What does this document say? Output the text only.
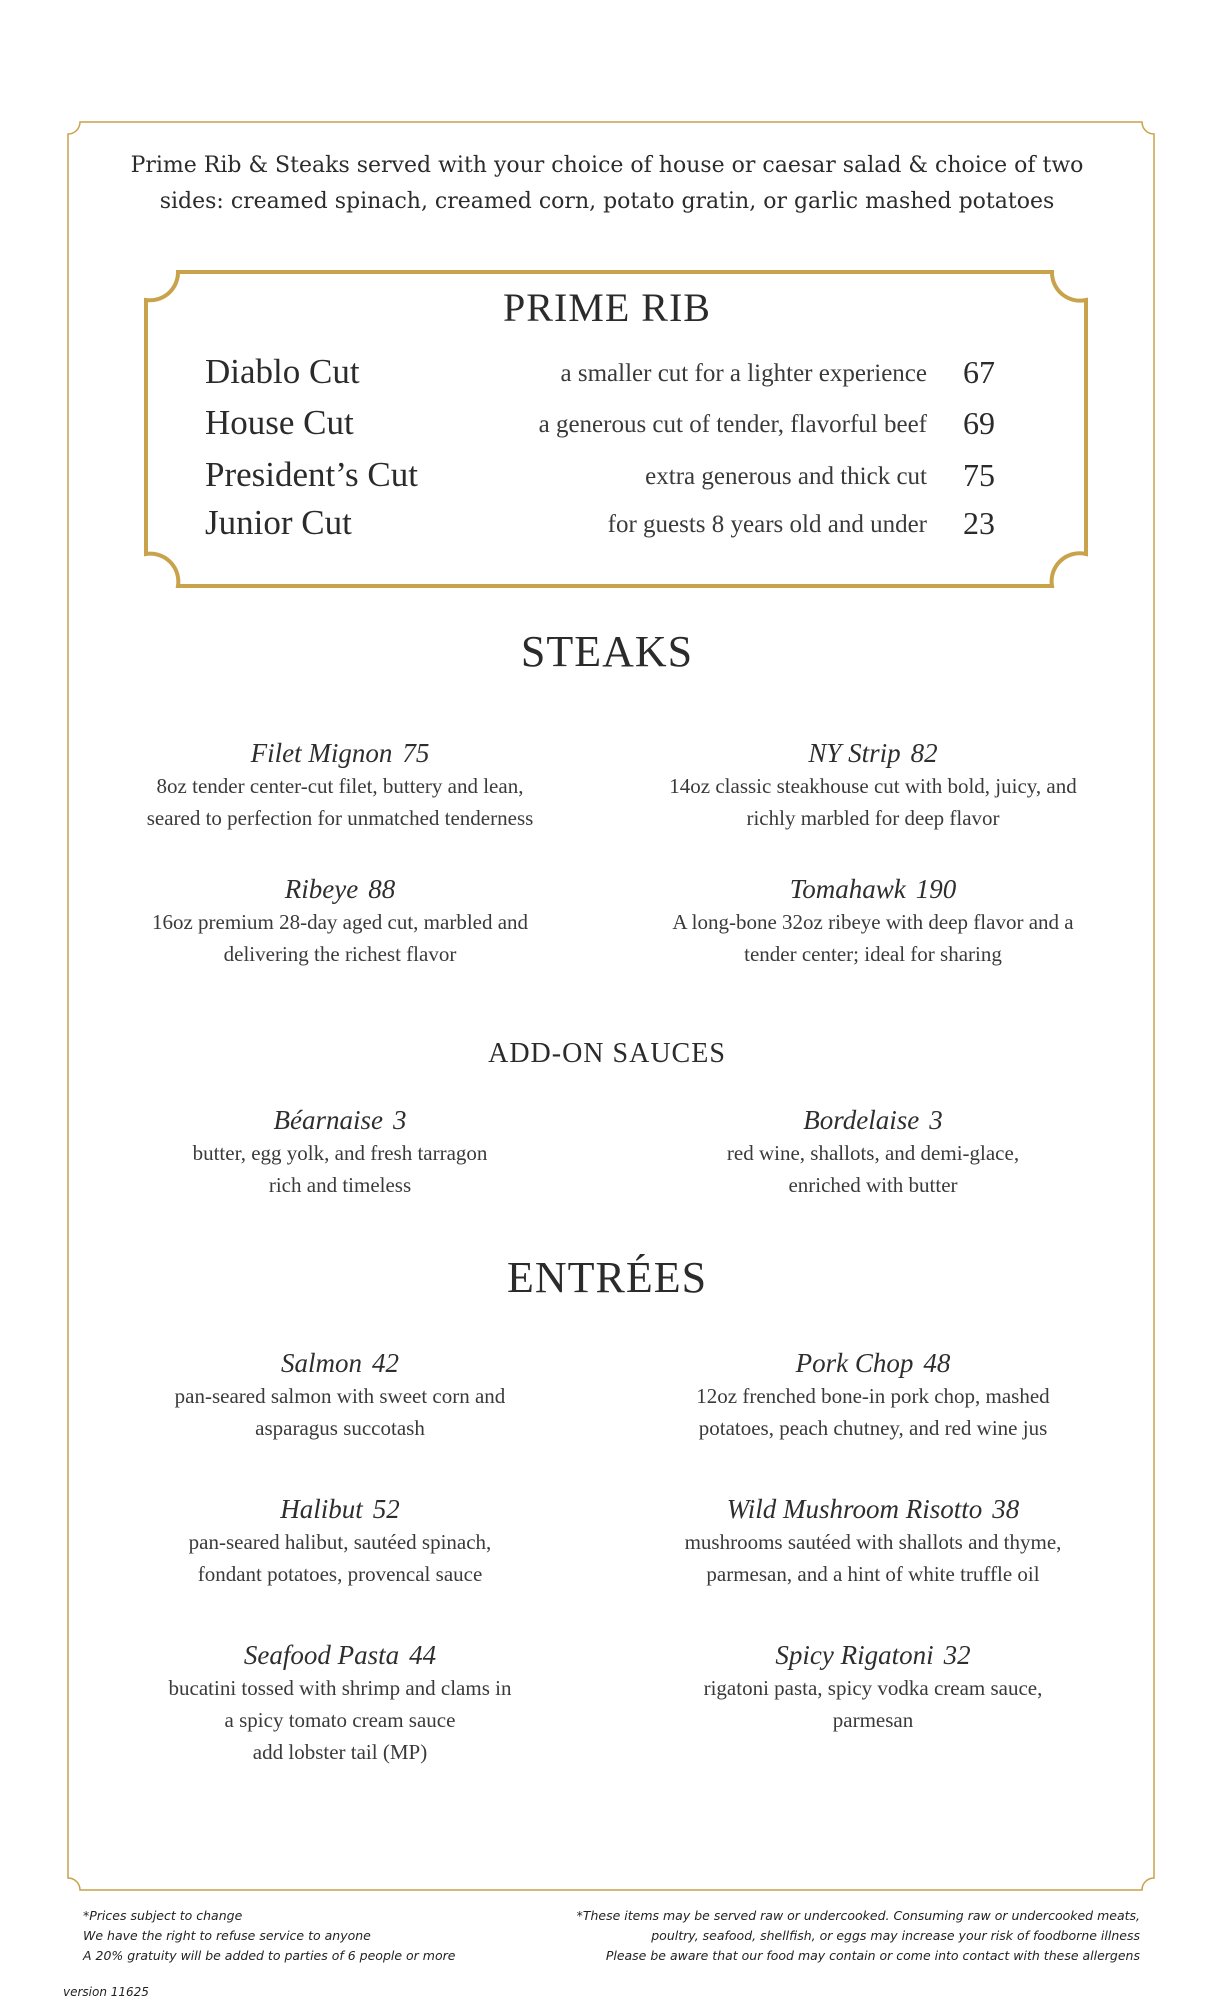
Prime Rib & Steaks served with your choice of house or caesar salad & choice of two
sides: creamed spinach, creamed corn, potato gratin, or garlic mashed potatoes
PRIME RIB
Diablo Cut	a smaller cut for a lighter experience 67
House Cut	a generous cut of tender, flavorful beef 69
President’s Cut	extra generous and thick cut 75
Junior Cut	for guests 8 years old and under 23
STEAKS
Filet Mignon 75
8oz tender center-cut filet, buttery and lean,
seared to perfection for unmatched tenderness
NY Strip 82
14oz classic steakhouse cut with bold, juicy, and
richly marbled for deep flavor
Ribeye 88
16oz premium 28-day aged cut, marbled and
delivering the richest flavor
Tomahawk 190
A long-bone 32oz ribeye with deep flavor and a
tender center; ideal for sharing
ADD-ON SAUCES
Béarnaise 3
butter, egg yolk, and fresh tarragon
rich and timeless
Bordelaise 3
red wine, shallots, and demi-glace,
enriched with butter
ENTRÉES
Salmon 42
pan-seared salmon with sweet corn and
asparagus succotash
Pork Chop 48
12oz frenched bone-in pork chop, mashed
potatoes, peach chutney, and red wine jus
Halibut 52
pan-seared halibut, sautéed spinach,
fondant potatoes, provencal sauce
Wild Mushroom Risotto 38
mushrooms sautéed with shallots and thyme,
parmesan, and a hint of white truffle oil
Seafood Pasta 44
bucatini tossed with shrimp and clams in
a spicy tomato cream sauce
add lobster tail (MP)
Spicy Rigatoni 32
rigatoni pasta, spicy vodka cream sauce,
parmesan
*Prices subject to change
We have the right to refuse service to anyone
A 20% gratuity will be added to parties of 6 people or more
*These items may be served raw or undercooked. Consuming raw or undercooked meats,
poultry, seafood, shellfish, or eggs may increase your risk of foodborne illness
Please be aware that our food may contain or come into contact with these allergens
version 11625
